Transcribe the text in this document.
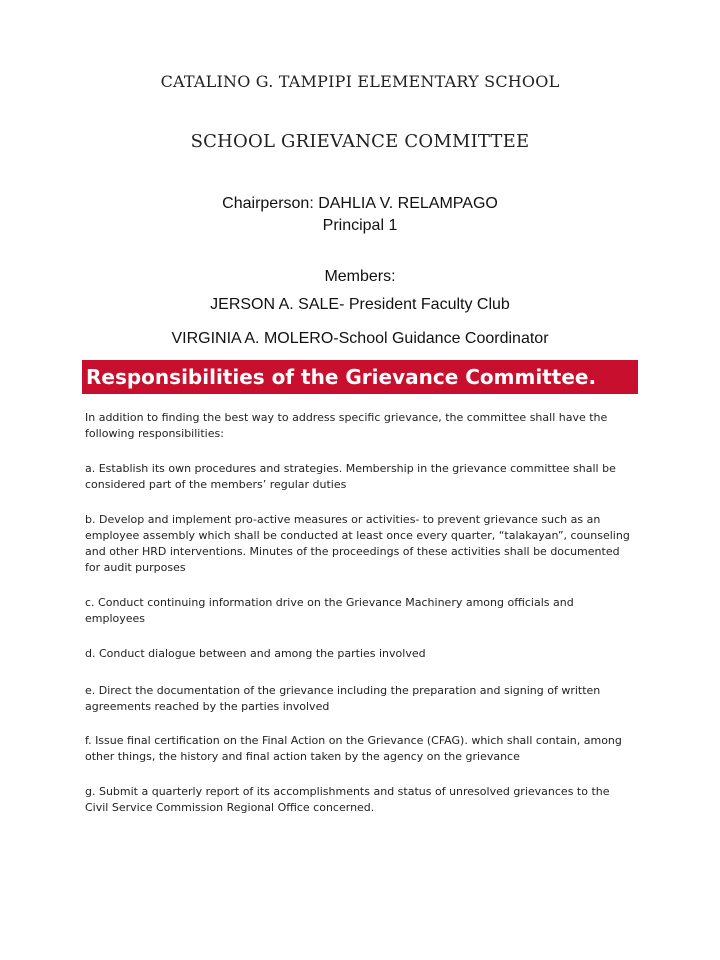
CATALINO G. TAMPIPI ELEMENTARY SCHOOL
SCHOOL GRIEVANCE COMMITTEE
Chairperson: DAHLIA V. RELAMPAGO
Principal 1
Members:
JERSON A. SALE- President Faculty Club
VIRGINIA A. MOLERO-School Guidance Coordinator
Responsibilities of the Grievance Committee.
In addition to finding the best way to address specific grievance, the committee shall have the following responsibilities:
a. Establish its own procedures and strategies. Membership in the grievance committee shall be considered part of the members’ regular duties
b. Develop and implement pro-active measures or activities- to prevent grievance such as an employee assembly which shall be conducted at least once every quarter, “talakayan”, counseling and other HRD interventions. Minutes of the proceedings of these activities shall be documented for audit purposes
c. Conduct continuing information drive on the Grievance Machinery among officials and employees
d. Conduct dialogue between and among the parties involved
e. Direct the documentation of the grievance including the preparation and signing of written agreements reached by the parties involved
f. Issue final certification on the Final Action on the Grievance (CFAG). which shall contain, among other things, the history and final action taken by the agency on the grievance
g. Submit a quarterly report of its accomplishments and status of unresolved grievances to the Civil Service Commission Regional Office concerned.
